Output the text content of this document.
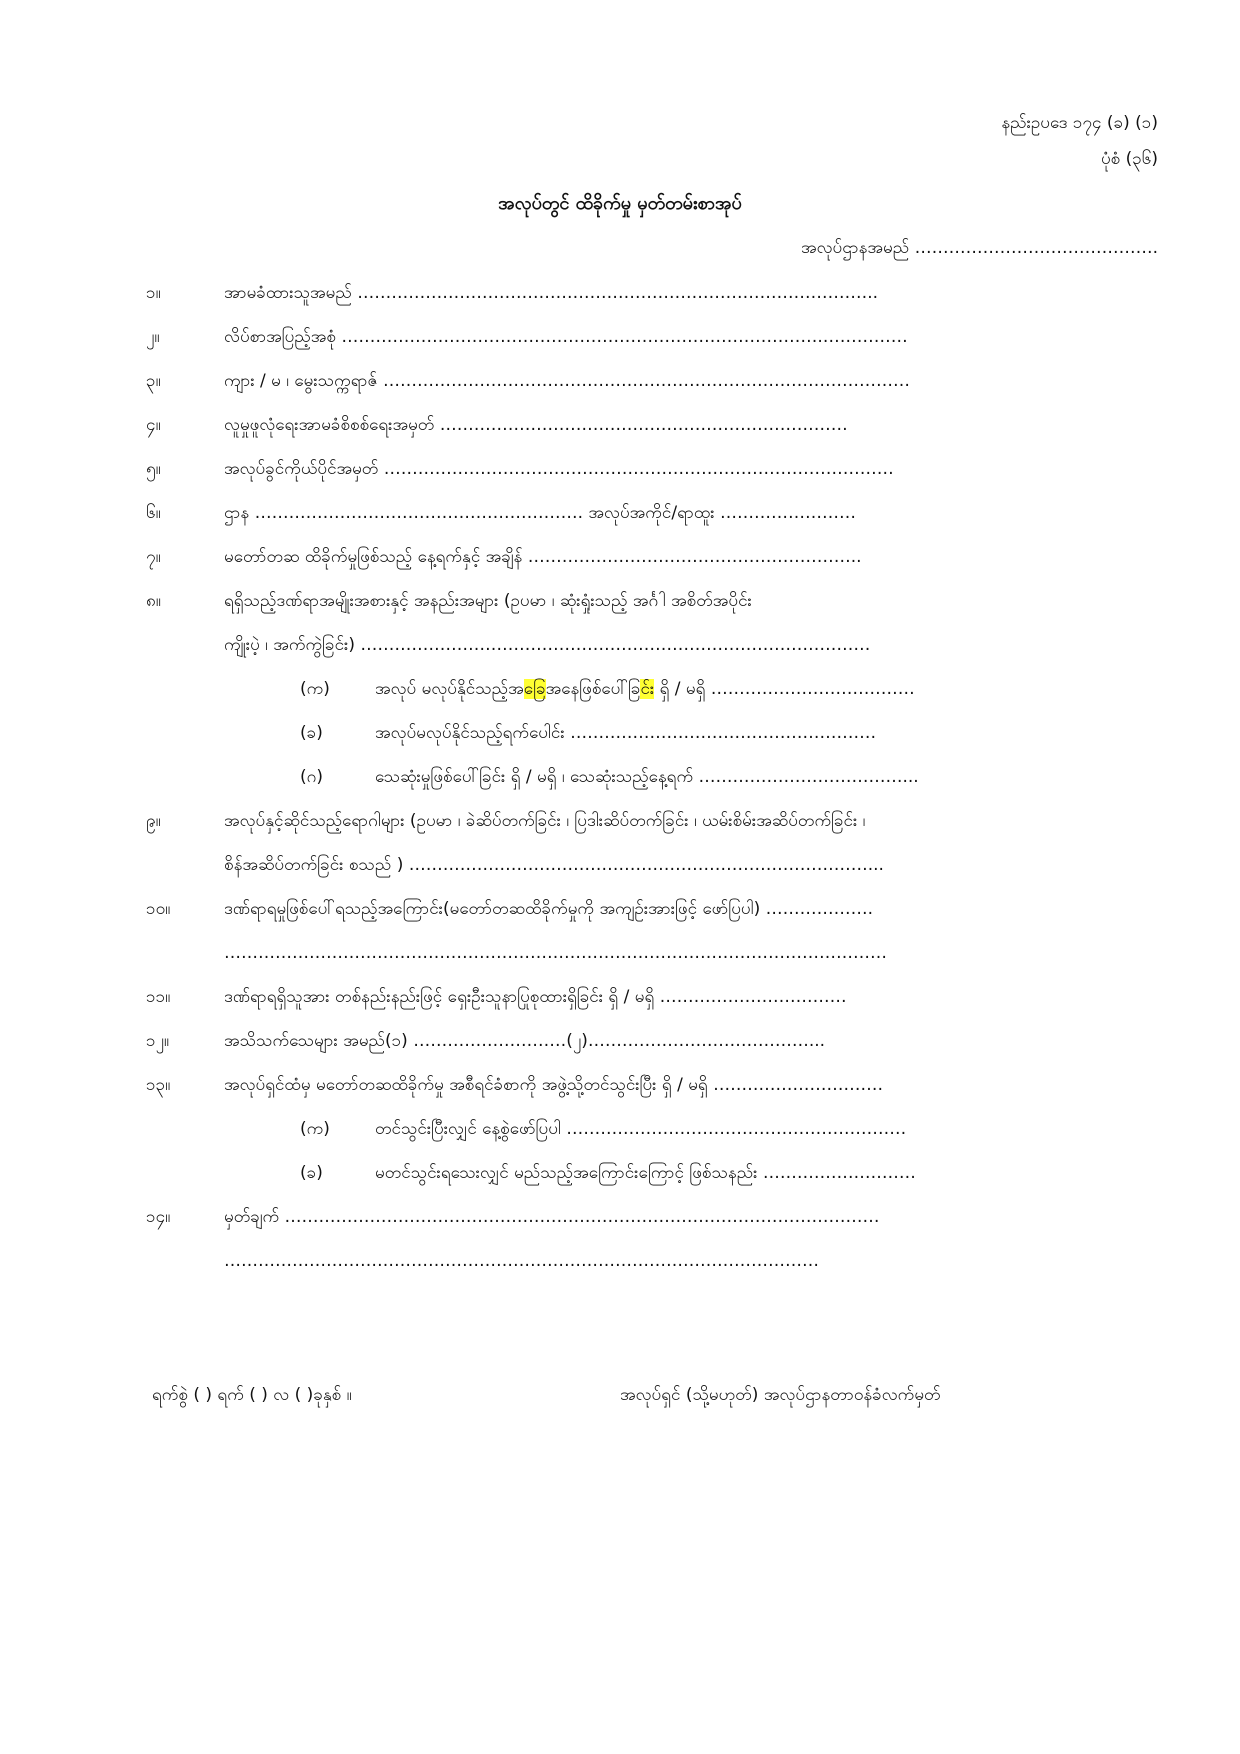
နည်းဥပဒေ ၁၇၄ (ခ) (၁)
ပုံစံ (၃၆)
အလုပ်တွင် ထိခိုက်မှု မှတ်တမ်းစာအုပ်
အလုပ်ဌာနအမည် …………………………………….
၁။	အာမခံထားသူအမည် ………………………………………………………………………………..
၂။	လိပ်စာအပြည့်အစုံ ………………………………………………………………………….……………
၃။	ကျား / မ ၊ မွေးသက္ကရာဇ် …………………………………………………………………………………
၄။	လူမှုဖူလုံရေးအာမခံစိစစ်ရေးအမှတ် ………………………………………………………………
၅။	အလုပ်ခွင်ကိုယ်ပိုင်အမှတ် ………………………………………………………………………………
၆။	ဌာန …………………………………………………. အလုပ်အကိုင်/ရာထူး ……………………
၇။	မတော်တဆ ထိခိုက်မှုဖြစ်သည့် နေ့ရက်နှင့် အချိန် …………………………………………………..
၈။	ရရှိသည့်ဒဏ်ရာအမျိုးအစားနှင့် အနည်းအများ (ဥပမာ ၊ ဆုံးရှုံးသည့် အင်္ဂါ အစိတ်အပိုင်း
ကျိုးပဲ့ ၊ အက်ကွဲခြင်း) ………………………………………………………………………………
(က)	အလုပ် မလုပ်နိုင်သည့်အခြေအနေဖြစ်ပေါ်ခြင်း ရှိ / မရှိ ………………………………
(ခ)	အလုပ်မလုပ်နိုင်သည့်ရက်ပေါင်း ………………………………………………
(ဂ)	သေဆုံးမှုဖြစ်ပေါ်ခြင်း ရှိ / မရှိ ၊ သေဆုံးသည့်နေ့ရက် ………………………………...
၉။	အလုပ်နှင့်ဆိုင်သည့်ရောဂါများ (ဥပမာ ၊ ခဲဆိပ်တက်ခြင်း ၊ ပြဒါးဆိပ်တက်ခြင်း ၊ ယမ်းစိမ်းအဆိပ်တက်ခြင်း ၊
စိန်အဆိပ်တက်ခြင်း စသည် ) ………………………………………………………………………...
၁၀။	ဒဏ်ရာရမှုဖြစ်ပေါ်ရသည့်အကြောင်း(မတော်တဆထိခိုက်မှုကို အကျဉ်းအားဖြင့် ဖော်ပြပါ) ……………….
………………………………………………………………………………………………………
၁၁။	ဒဏ်ရာရရှိသူအား တစ်နည်းနည်းဖြင့် ရှေးဦးသူနာပြုစုထားရှိခြင်း ရှိ / မရှိ ……………………………
၁၂။	အသိသက်သေများ အမည်(၁) ………………………(၂)…………………………………...
၁၃။	အလုပ်ရှင်ထံမှ မတော်တဆထိခိုက်မှု အစီရင်ခံစာကို အဖွဲ့သို့တင်သွင်းပြီး ရှိ / မရှိ …………………………
(က)	တင်သွင်းပြီးလျှင် နေ့စွဲဖော်ပြပါ ……………………………………………………
(ခ)	မတင်သွင်းရသေးလျှင် မည်သည့်အကြောင်းကြောင့် ဖြစ်သနည်း ………………………
၁၄။	မှတ်ချက် ……………………………………………………………………………………………
……………………………………………………………………………………………
ရက်စွဲ ( ) ရက် ( ) လ ( )ခုနှစ် ။	အလုပ်ရှင် (သို့မဟုတ်) အလုပ်ဌာနတာဝန်ခံလက်မှတ်
